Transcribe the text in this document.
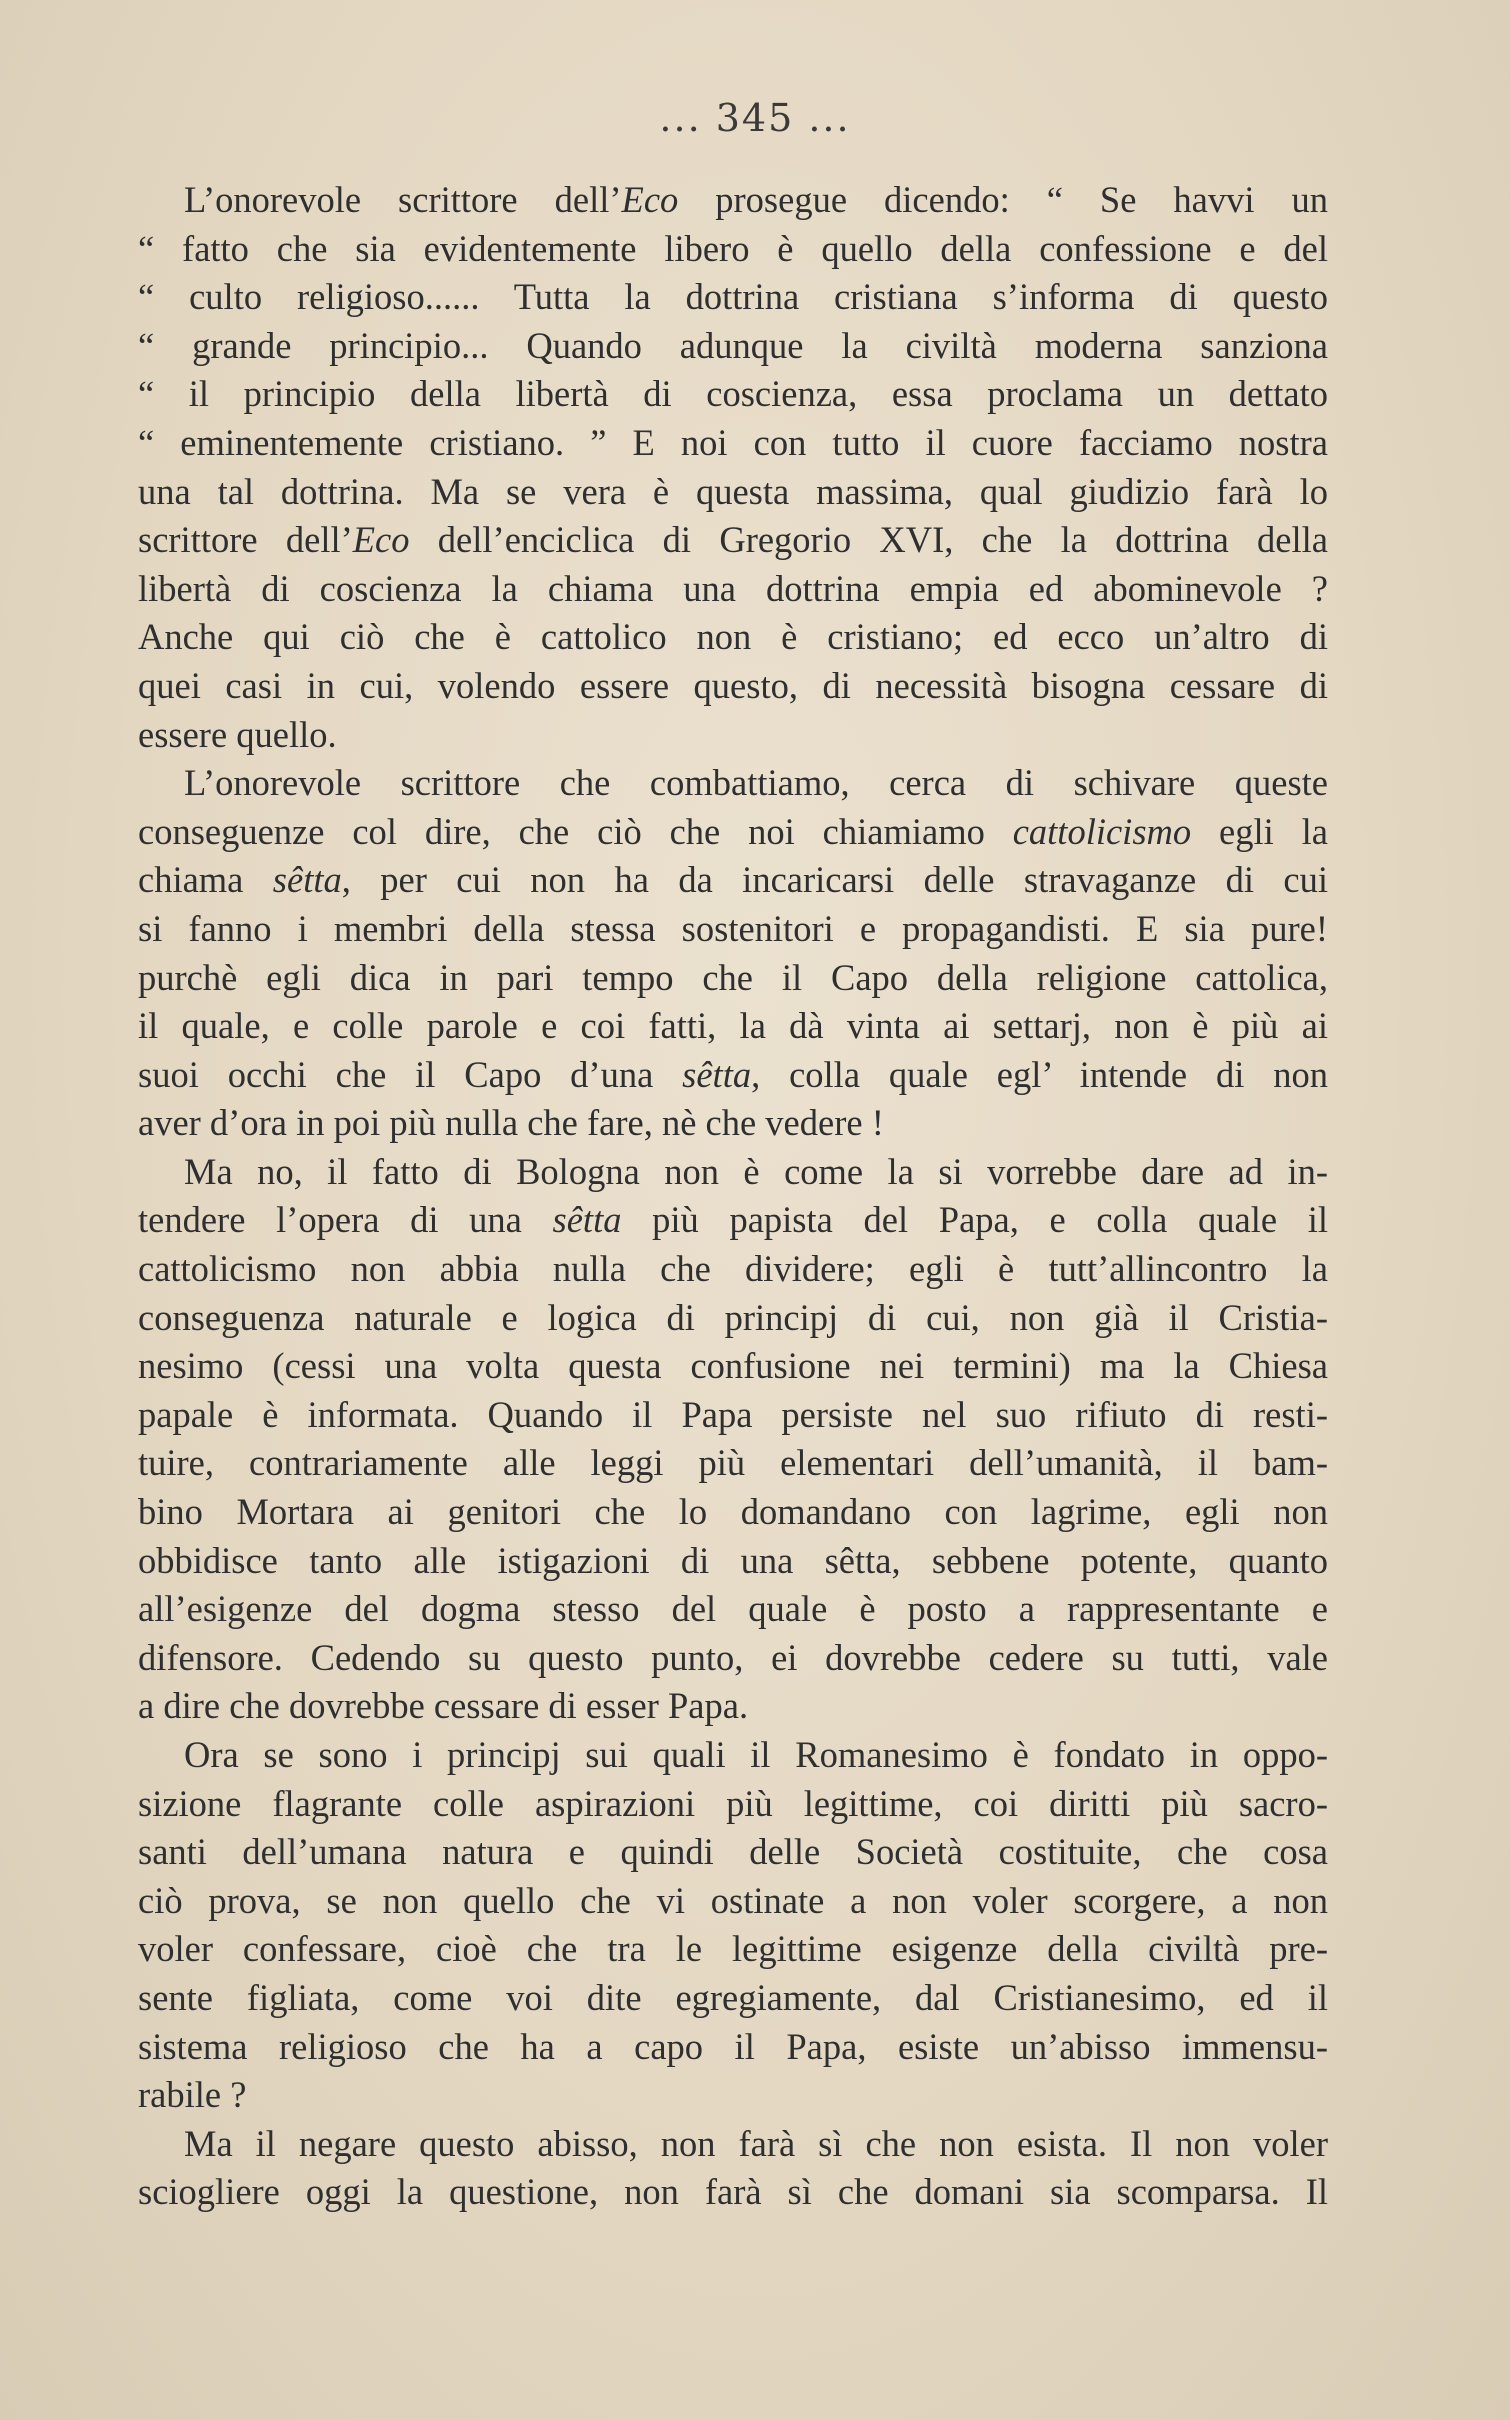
... 345 ...
L’onorevole scrittore dell’Eco prosegue dicendo: “ Se havvi un
“ fatto che sia evidentemente libero è quello della confessione e del
“ culto religioso...... Tutta la dottrina cristiana s’informa di questo
“ grande principio... Quando adunque la civiltà moderna sanziona
“ il principio della libertà di coscienza, essa proclama un dettato
“ eminentemente cristiano. ” E noi con tutto il cuore facciamo nostra
una tal dottrina. Ma se vera è questa massima, qual giudizio farà lo
scrittore dell’Eco dell’enciclica di Gregorio XVI, che la dottrina della
libertà di coscienza la chiama una dottrina empia ed abominevole ?
Anche qui ciò che è cattolico non è cristiano; ed ecco un’altro di
quei casi in cui, volendo essere questo, di necessità bisogna cessare di
essere quello.
L’onorevole scrittore che combattiamo, cerca di schivare queste
conseguenze col dire, che ciò che noi chiamiamo cattolicismo egli la
chiama sêtta, per cui non ha da incaricarsi delle stravaganze di cui
si fanno i membri della stessa sostenitori e propagandisti. E sia pure!
purchè egli dica in pari tempo che il Capo della religione cattolica,
il quale, e colle parole e coi fatti, la dà vinta ai settarj, non è più ai
suoi occhi che il Capo d’una sêtta, colla quale egl’ intende di non
aver d’ora in poi più nulla che fare, nè che vedere !
Ma no, il fatto di Bologna non è come la si vorrebbe dare ad in-
tendere l’opera di una sêtta più papista del Papa, e colla quale il
cattolicismo non abbia nulla che dividere; egli è tutt’allincontro la
conseguenza naturale e logica di principj di cui, non già il Cristia-
nesimo (cessi una volta questa confusione nei termini) ma la Chiesa
papale è informata. Quando il Papa persiste nel suo rifiuto di resti-
tuire, contrariamente alle leggi più elementari dell’umanità, il bam-
bino Mortara ai genitori che lo domandano con lagrime, egli non
obbidisce tanto alle istigazioni di una sêtta, sebbene potente, quanto
all’esigenze del dogma stesso del quale è posto a rappresentante e
difensore. Cedendo su questo punto, ei dovrebbe cedere su tutti, vale
a dire che dovrebbe cessare di esser Papa.
Ora se sono i principj sui quali il Romanesimo è fondato in oppo-
sizione flagrante colle aspirazioni più legittime, coi diritti più sacro-
santi dell’umana natura e quindi delle Società costituite, che cosa
ciò prova, se non quello che vi ostinate a non voler scorgere, a non
voler confessare, cioè che tra le legittime esigenze della civiltà pre-
sente figliata, come voi dite egregiamente, dal Cristianesimo, ed il
sistema religioso che ha a capo il Papa, esiste un’abisso immensu-
rabile ?
Ma il negare questo abisso, non farà sì che non esista. Il non voler
sciogliere oggi la questione, non farà sì che domani sia scomparsa. Il
